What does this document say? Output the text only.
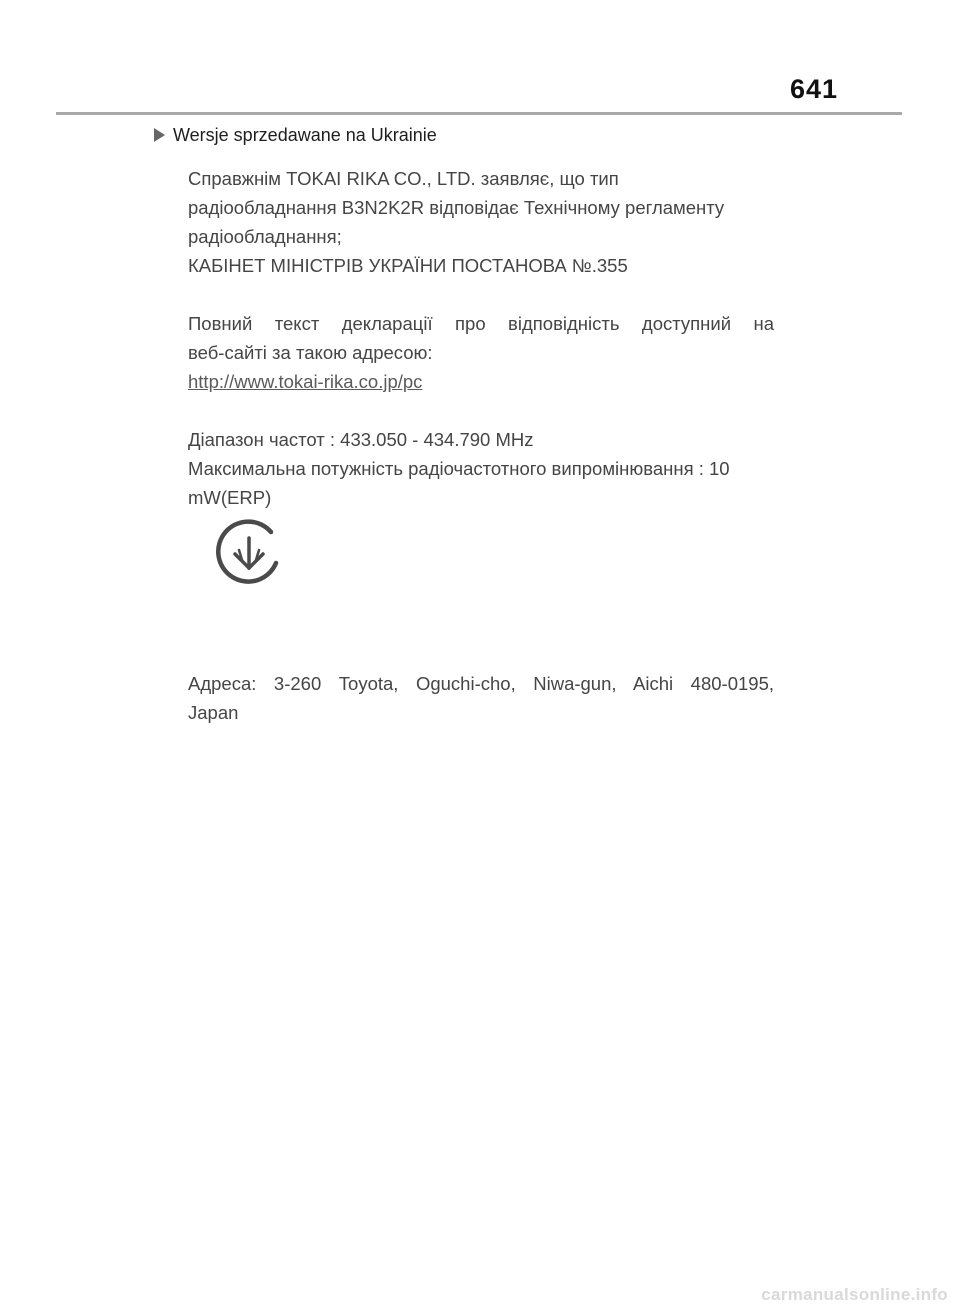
641
Wersje sprzedawane na Ukrainie

Справжнім TOKAI RIKA CO., LTD. заявляє, що тип

радіообладнання B3N2K2R відповідає Технічному регламенту

радіообладнання;

КАБІНЕТ МІНІСТРІВ УКРАЇНИ ПОСТАНОВА №.355

Повний текст декларації про відповідність доступний на

веб-сайті за такою адресою:

http://www.tokai-rika.co.jp/pc

Діапазон частот : 433.050 - 434.790 MHz

Максимальна потужність радіочастотного випромінювання : 10

mW(ERP)

Адреса: 3-260 Toyota, Oguchi-cho, Niwa-gun, Aichi 480-0195,

Japan

carmanualsonline.info
